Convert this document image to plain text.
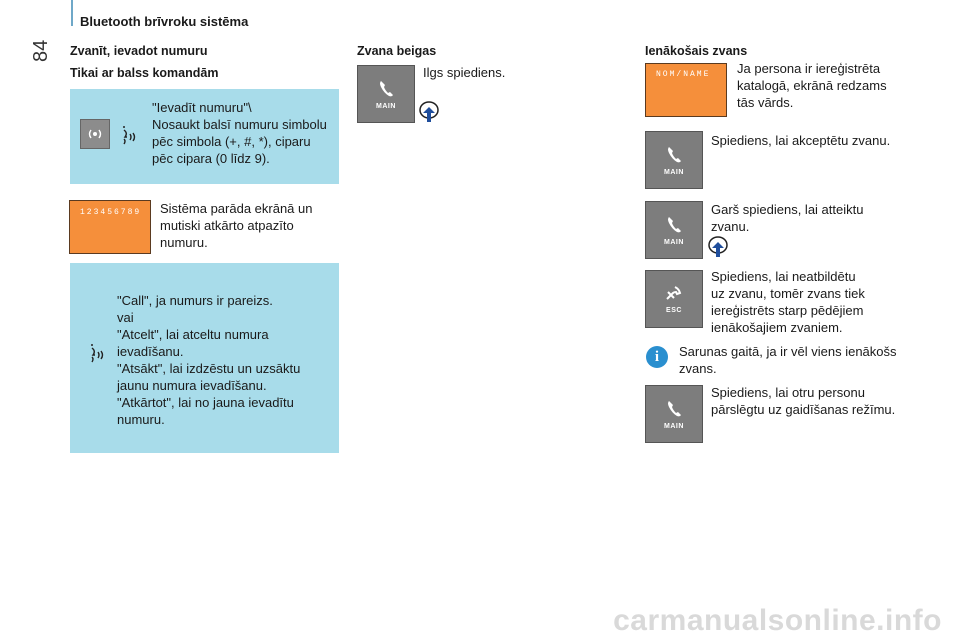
Bluetooth brīvroku sistēma
84 Zvanīt, ievadot numuru
Tikai ar balss komandām
"Ievadīt numuru"\
Nosaukt balsī numuru simbolu
pēc simbola (+, #, *), ciparu
pēc cipara (0 līdz 9).
123456789 Sistēma parāda ekrānā un
mutiski atkārto atpazīto
numuru.
"Call", ja numurs ir pareizs.
vai
"Atcelt", lai atceltu numura
ievadīšanu.
"Atsākt", lai izdzēstu un uzsāktu
jaunu numura ievadīšanu.
"Atkārtot", lai no jauna ievadītu
numuru.
Zvana beigas
MAIN
Ilgs spiediens.
Ienākošais zvans
NOM/NAME Ja persona ir iereģistrēta
katalogā, ekrānā redzams
tās vārds.
MAIN
Spiediens, lai akceptētu zvanu.
MAIN
Garš spiediens, lai atteiktu
zvanu.
ESC
Spiediens, lai neatbildētu
uz zvanu, tomēr zvans tiek
iereģistrēts starp pēdējiem
ienākošajiem zvaniem.
i	Sarunas gaitā, ja ir vēl viens ienākošs
zvans.
MAIN
Spiediens, lai otru personu
pārslēgtu uz gaidīšanas režīmu.
carmanualsonline.info
